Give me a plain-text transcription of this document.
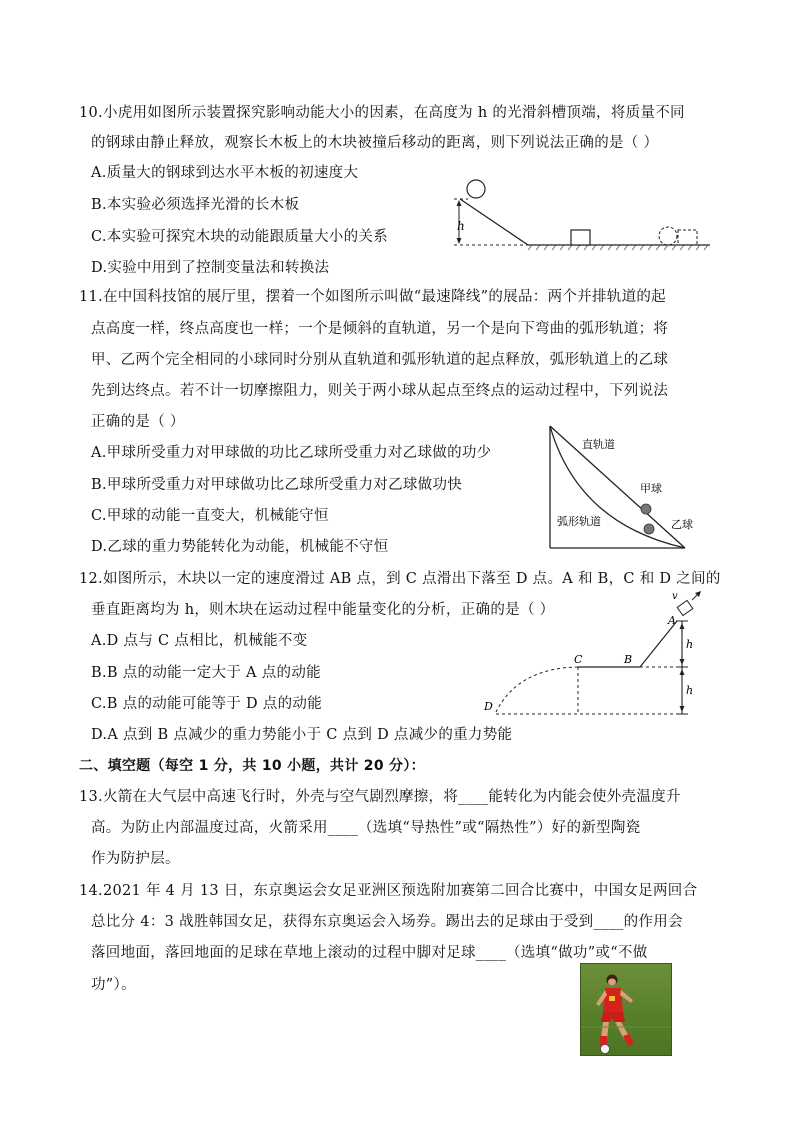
10.小虎用如图所示装置探究影响动能大小的因素，在高度为 h 的光滑斜槽顶端，将质量不同
的钢球由静止释放，观察长木板上的木块被撞后移动的距离，则下列说法正确的是（ ）
A.质量大的钢球到达水平木板的初速度大
B.本实验必须选择光滑的长木板
C.本实验可探究木块的动能跟质量大小的关系
D.实验中用到了控制变量法和转换法
h
11.在中国科技馆的展厅里，摆着一个如图所示叫做“最速降线”的展品：两个并排轨道的起
点高度一样，终点高度也一样；一个是倾斜的直轨道，另一个是向下弯曲的弧形轨道；将
甲、乙两个完全相同的小球同时分别从直轨道和弧形轨道的起点释放，弧形轨道上的乙球
先到达终点。若不计一切摩擦阻力，则关于两小球从起点至终点的运动过程中，下列说法
正确的是（ ）
A.甲球所受重力对甲球做的功比乙球所受重力对乙球做的功少
B.甲球所受重力对甲球做功比乙球所受重力对乙球做功快
C.甲球的动能一直变大，机械能守恒
D.乙球的重力势能转化为动能，机械能不守恒
直轨道
甲球
弧形轨道	乙球
12.如图所示，木块以一定的速度滑过 AB 点，到 C 点滑出下落至 D 点。A 和 B，C 和 D 之间的
垂直距离均为 h，则木块在运动过程中能量变化的分析，正确的是（ ）
A.D 点与 C 点相比，机械能不变
B.B 点的动能一定大于 A 点的动能
C.B 点的动能可能等于 D 点的动能
D.A 点到 B 点减少的重力势能小于 C 点到 D 点减少的重力势能
v
h
h
A
B
C
D
二、填空题（每空 1 分，共 10 小题，共计 20 分）：
13.火箭在大气层中高速飞行时，外壳与空气剧烈摩擦，将____能转化为内能会使外壳温度升
高。为防止内部温度过高，火箭采用____（选填“导热性”或“隔热性”）好的新型陶瓷
作为防护层。
14.2021 年 4 月 13 日，东京奥运会女足亚洲区预选附加赛第二回合比赛中，中国女足两回合
总比分 4：3 战胜韩国女足，获得东京奥运会入场券。踢出去的足球由于受到____的作用会
落回地面，落回地面的足球在草地上滚动的过程中脚对足球____（选填“做功”或“不做
功”）。
